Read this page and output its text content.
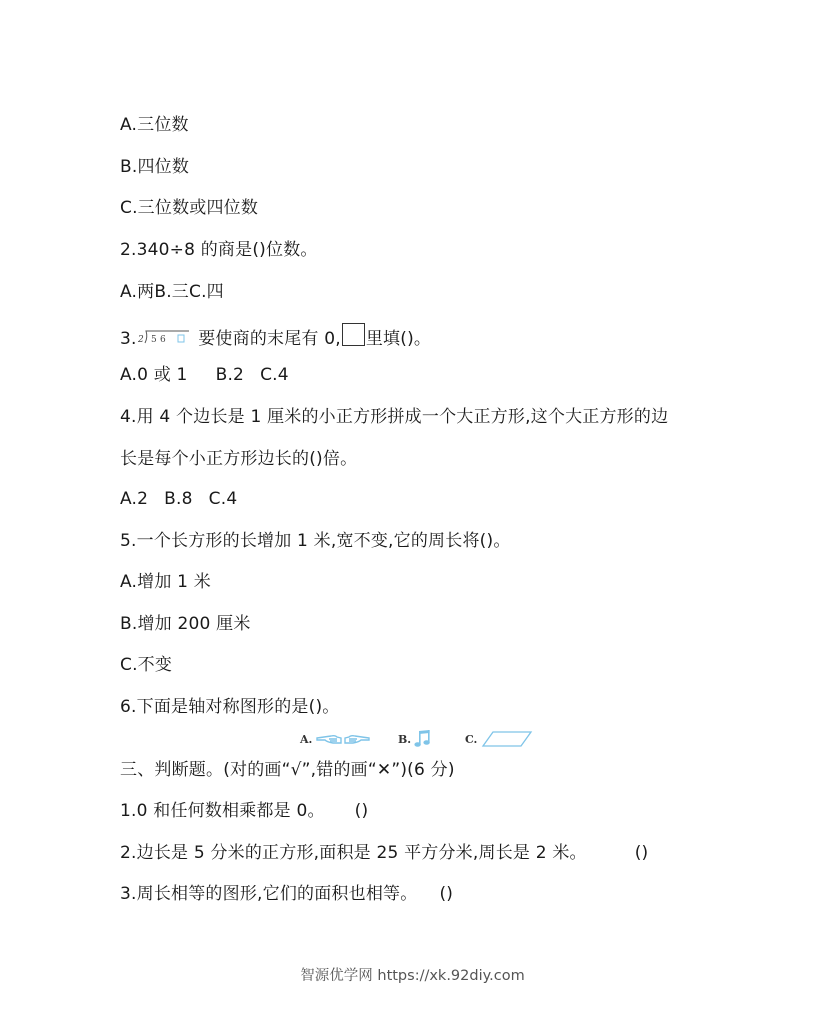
A.三位数
B.四位数
C.三位数或四位数
2.340÷8 的商是()位数。
A.两B.三C.四
3. 2 5 6 要使商的末尾有 0, 里填()。
A.0 或 1 B.2 C.4
4.用 4 个边长是 1 厘米的小正方形拼成一个大正方形,这个大正方形的边
长是每个小正方形边长的()倍。
A.2 B.8 C.4
5.一个长方形的长增加 1 米,宽不变,它的周长将()。
A.增加 1 米
B.增加 200 厘米
C.不变
6.下面是轴对称图形的是()。
A.	B.	C.
三、判断题。(对的画“√”,错的画“✕”)(6 分)
1.0 和任何数相乘都是 0。 ()
2.边长是 5 分米的正方形,面积是 25 平方分米,周长是 2 米。	()
3.周长相等的图形,它们的面积也相等。 ()
智源优学网 https://xk.92diy.com
